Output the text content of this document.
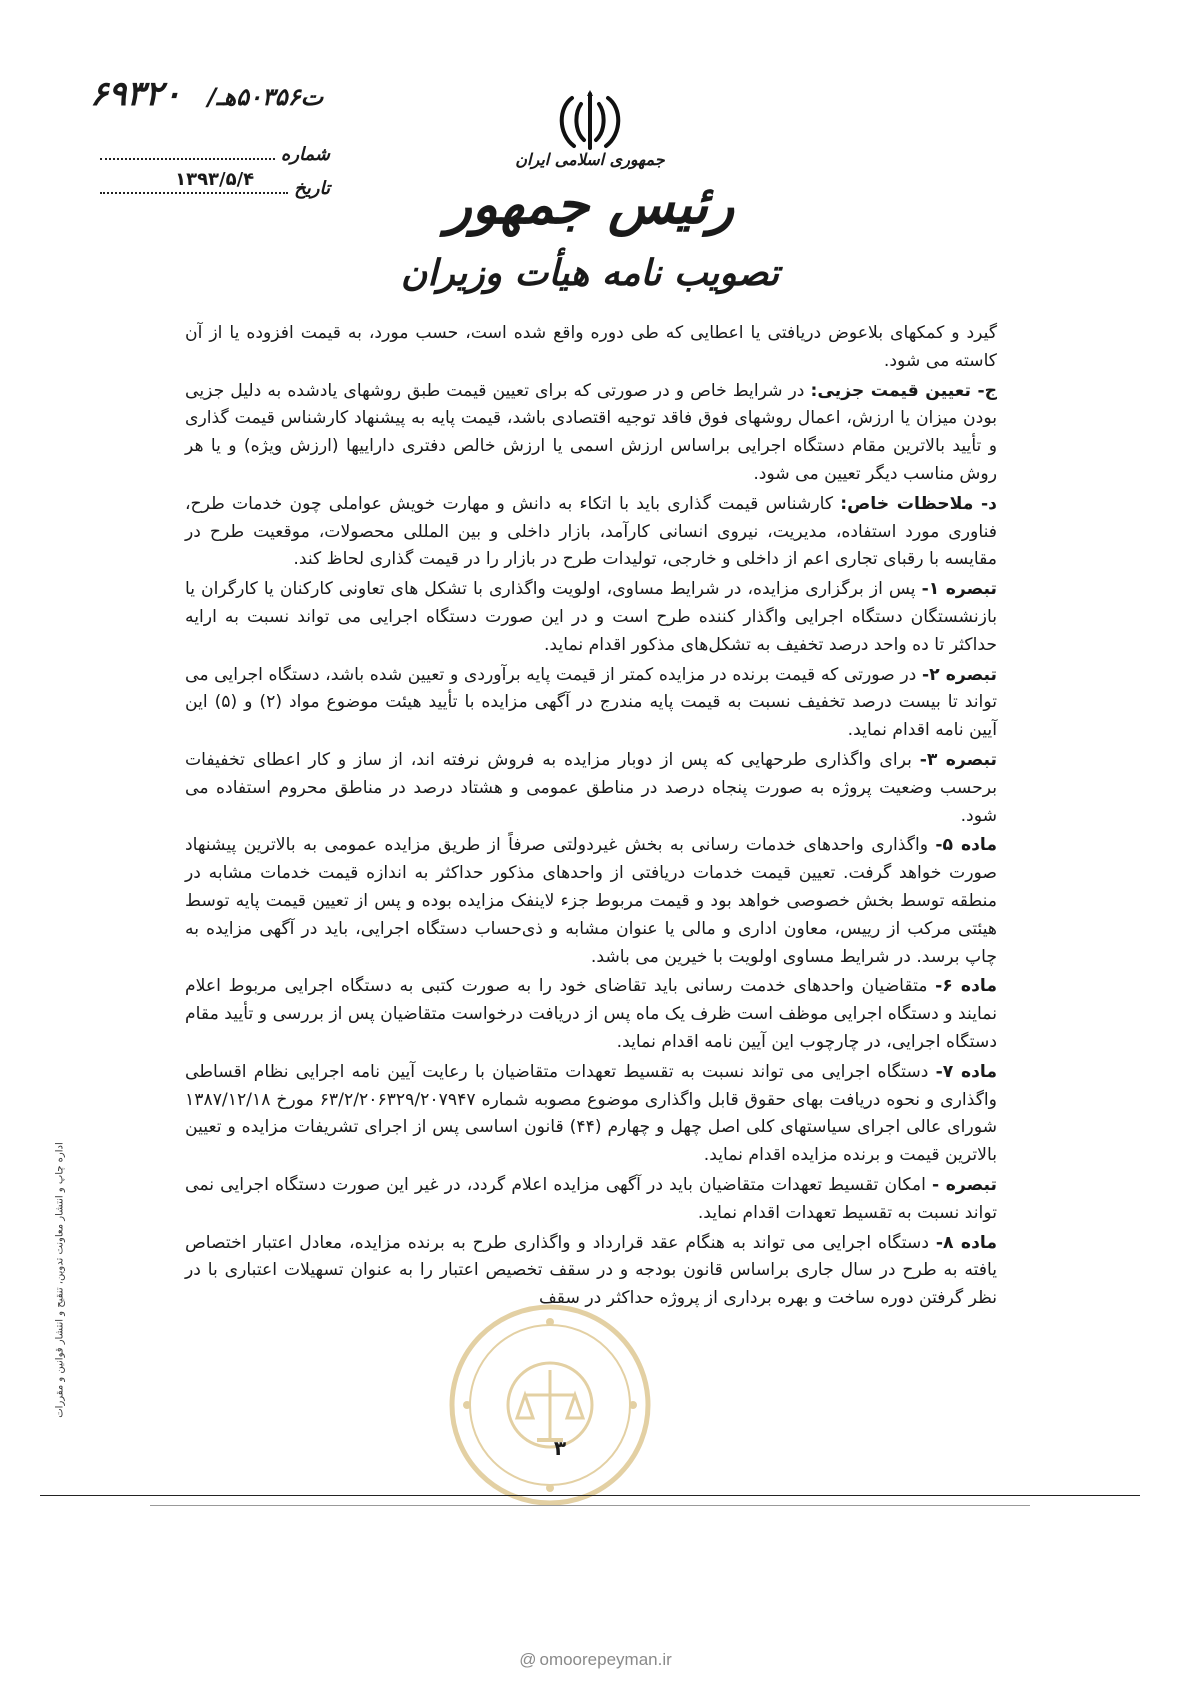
ت۵۰۳۵۶هـ/ ۶۹۳۲۰
شماره
تاریخ
۱۳۹۳/۵/۴
جمهوری اسلامی ایران
رئیس جمهور
تصویب نامه هیأت وزیران

گیرد و کمکهای بلاعوض دریافتی یا اعطایی که طی دوره واقع شده است، حسب مورد، به قیمت افزوده یا از آن کاسته می شود.

ج- تعیین قیمت جزیی: در شرایط خاص و در صورتی که برای تعیین قیمت طبق روشهای یادشده به دلیل جزیی بودن میزان یا ارزش، اعمال روشهای فوق فاقد توجیه اقتصادی باشد، قیمت پایه به پیشنهاد کارشناس قیمت گذاری و تأیید بالاترین مقام دستگاه اجرایی براساس ارزش اسمی یا ارزش خالص دفتری داراییها (ارزش ویژه) و یا هر روش مناسب دیگر تعیین می شود.

د- ملاحظات خاص: کارشناس قیمت گذاری باید با اتکاء به دانش و مهارت خویش عواملی چون خدمات طرح، فناوری مورد استفاده، مدیریت، نیروی انسانی کارآمد، بازار داخلی و بین المللی محصولات، موقعیت طرح در مقایسه با رقبای تجاری اعم از داخلی و خارجی، تولیدات طرح در بازار را در قیمت گذاری لحاظ کند.

تبصره ۱- پس از برگزاری مزایده، در شرایط مساوی، اولویت واگذاری با تشکل های تعاونی کارکنان یا کارگران یا بازنشستگان دستگاه اجرایی واگذار کننده طرح است و در این صورت دستگاه اجرایی می تواند نسبت به ارایه حداکثر تا ده واحد درصد تخفیف به تشکل‌های مذکور اقدام نماید.

تبصره ۲- در صورتی که قیمت برنده در مزایده کمتر از قیمت پایه برآوردی و تعیین شده باشد، دستگاه اجرایی می تواند تا بیست درصد تخفیف نسبت به قیمت پایه مندرج در آگهی مزایده با تأیید هیئت موضوع مواد (۲) و (۵) این آیین نامه اقدام نماید.

تبصره ۳- برای واگذاری طرحهایی که پس از دوبار مزایده به فروش نرفته اند، از ساز و کار اعطای تخفیفات برحسب وضعیت پروژه به صورت پنجاه درصد در مناطق عمومی و هشتاد درصد در مناطق محروم استفاده می شود.

ماده ۵- واگذاری واحدهای خدمات رسانی به بخش غیردولتی صرفاً از طریق مزایده عمومی به بالاترین پیشنهاد صورت خواهد گرفت. تعیین قیمت خدمات دریافتی از واحدهای مذکور حداکثر به اندازه قیمت خدمات مشابه در منطقه توسط بخش خصوصی خواهد بود و قیمت مربوط جزء لاینفک مزایده بوده و پس از تعیین قیمت پایه توسط هیئتی مرکب از رییس، معاون اداری و مالی یا عنوان مشابه و ذی‌حساب دستگاه اجرایی، باید در آگهی مزایده به چاپ برسد. در شرایط مساوی اولویت با خیرین می باشد.

ماده ۶- متقاضیان واحدهای خدمت رسانی باید تقاضای خود را به صورت کتبی به دستگاه اجرایی مربوط اعلام نمایند و دستگاه اجرایی موظف است ظرف یک ماه پس از دریافت درخواست متقاضیان پس از بررسی و تأیید مقام دستگاه اجرایی، در چارچوب این آیین نامه اقدام نماید.

ماده ۷- دستگاه اجرایی می تواند نسبت به تقسیط تعهدات متقاضیان با رعایت آیین نامه اجرایی نظام اقساطی واگذاری و نحوه دریافت بهای حقوق قابل واگذاری موضوع مصوبه شماره ۶۳/۲/۲۰۶۳۲۹/۲۰۷۹۴۷ مورخ ۱۳۸۷/۱۲/۱۸ شورای عالی اجرای سیاستهای کلی اصل چهل و چهارم (۴۴) قانون اساسی پس از اجرای تشریفات مزایده و تعیین بالاترین قیمت و برنده مزایده اقدام نماید.

تبصره - امکان تقسیط تعهدات متقاضیان باید در آگهی مزایده اعلام گردد، در غیر این صورت دستگاه اجرایی نمی تواند نسبت به تقسیط تعهدات اقدام نماید.

ماده ۸- دستگاه اجرایی می تواند به هنگام عقد قرارداد و واگذاری طرح به برنده مزایده، معادل اعتبار اختصاص یافته به طرح در سال جاری براساس قانون بودجه و در سقف تخصیص اعتبار را به عنوان تسهیلات اعتباری با در نظر گرفتن دوره ساخت و بهره برداری از پروژه حداکثر در سقف

۳
اداره چاپ و انتشار معاونت تدوین، تنقیح و انتشار قوانین و مقررات
@ omoorepeyman.ir
